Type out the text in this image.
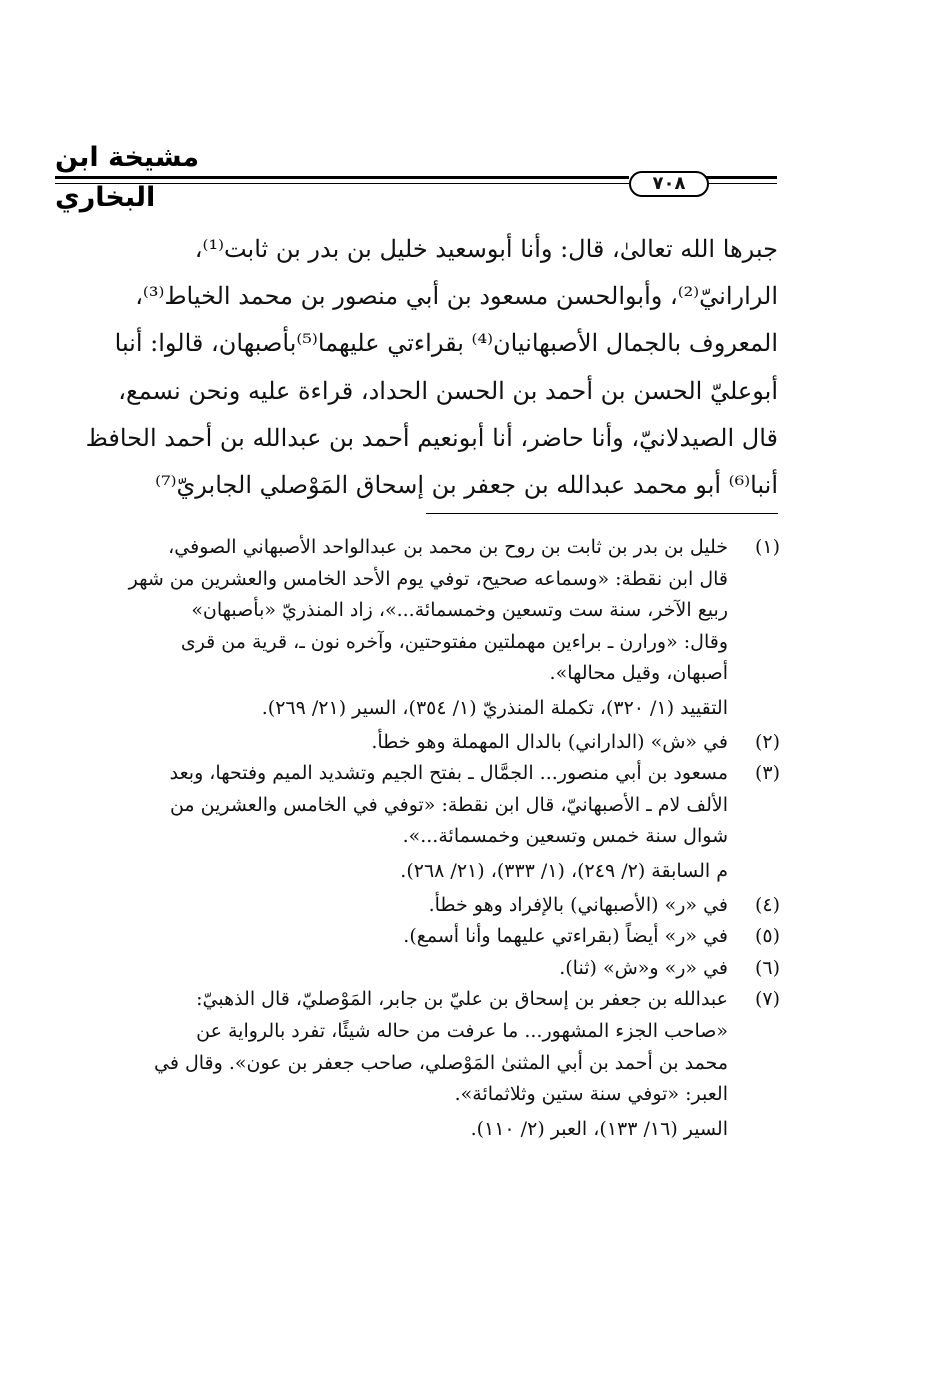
مشيخة ابن البخاري	٧٠٨
جبرها الله تعالىٰ، قال: وأنا أبوسعيد خليل بن بدر بن ثابت⁽¹⁾،
الرارانيّ⁽²⁾، وأبوالحسن مسعود بن أبي منصور بن محمد الخياط⁽³⁾،
المعروف بالجمال الأصبهانيان⁽⁴⁾ بقراءتي عليهما⁽⁵⁾بأصبهان، قالوا: أنبا
أبوعليّ الحسن بن أحمد بن الحسن الحداد، قراءة عليه ونحن نسمع،
قال الصيدلانيّ، وأنا حاضر، أنا أبونعيم أحمد بن عبدالله بن أحمد الحافظ
أنبا⁽⁶⁾ أبو محمد عبدالله بن جعفر بن إسحاق المَوْصلي الجابريّ⁽⁷⁾
(١)
خليل بن بدر بن ثابت بن روح بن محمد بن عبدالواحد الأصبهاني الصوفي،
قال ابن نقطة: «وسماعه صحيح، توفي يوم الأحد الخامس والعشرين من شهر
ربيع الآخر، سنة ست وتسعين وخمسمائة...»، زاد المنذريّ «بأصبهان»
وقال: «ورارن ـ براءين مهملتين مفتوحتين، وآخره نون ـ، قرية من قرى
أصبهان، وقيل محالها».
التقييد (١/ ٣٢٠)، تكملة المنذريّ (١/ ٣٥٤)، السير (٢١/ ٢٦٩).
(٢)
في «ش» (الداراني) بالدال المهملة وهو خطأ.
(٣)
مسعود بن أبي منصور... الجمَّال ـ بفتح الجيم وتشديد الميم وفتحها، وبعد
الألف لام ـ الأصبهانيّ، قال ابن نقطة: «توفي في الخامس والعشرين من
شوال سنة خمس وتسعين وخمسمائة...».
م السابقة (٢/ ٢٤٩)، (١/ ٣٣٣)، (٢١/ ٢٦٨).
(٤)
في «ر» (الأصبهاني) بالإفراد وهو خطأ.
(٥)
في «ر» أيضاً (بقراءتي عليهما وأنا أسمع).
(٦)
في «ر» و«ش» (ثنا).
(٧)
عبدالله بن جعفر بن إسحاق بن عليّ بن جابر، المَوْصليّ، قال الذهبيّ:
«صاحب الجزء المشهور... ما عرفت من حاله شيئًا، تفرد بالرواية عن
محمد بن أحمد بن أبي المثنىٰ المَوْصلي، صاحب جعفر بن عون». وقال في
العبر: «توفي سنة ستين وثلاثمائة».
السير (١٦/ ١٣٣)، العبر (٢/ ١١٠).
